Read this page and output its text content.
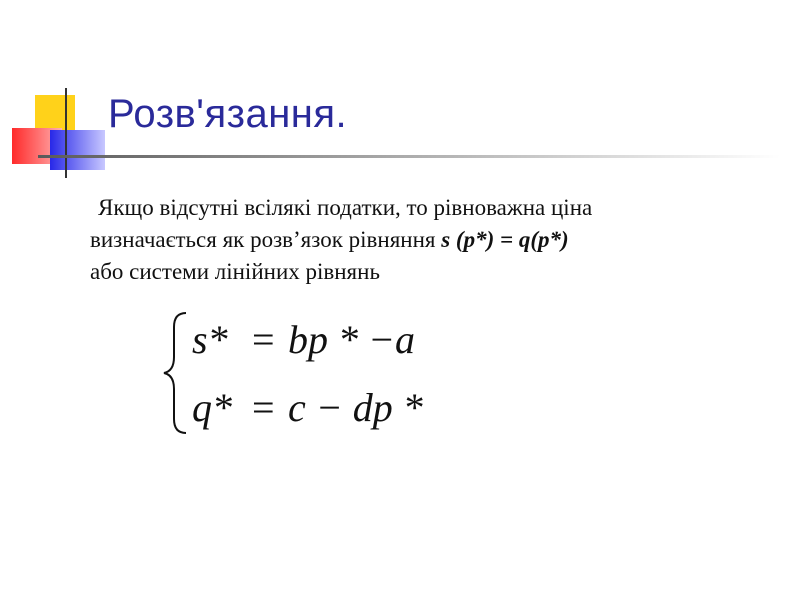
Розв'язання.
Якщо відсутні всілякі податки, то рівноважна ціна
визначається як розв’язок рівняння s (p*) = q(p*)
або системи лінійних рівнянь
s* = bp * −a
q* = c − dp *
